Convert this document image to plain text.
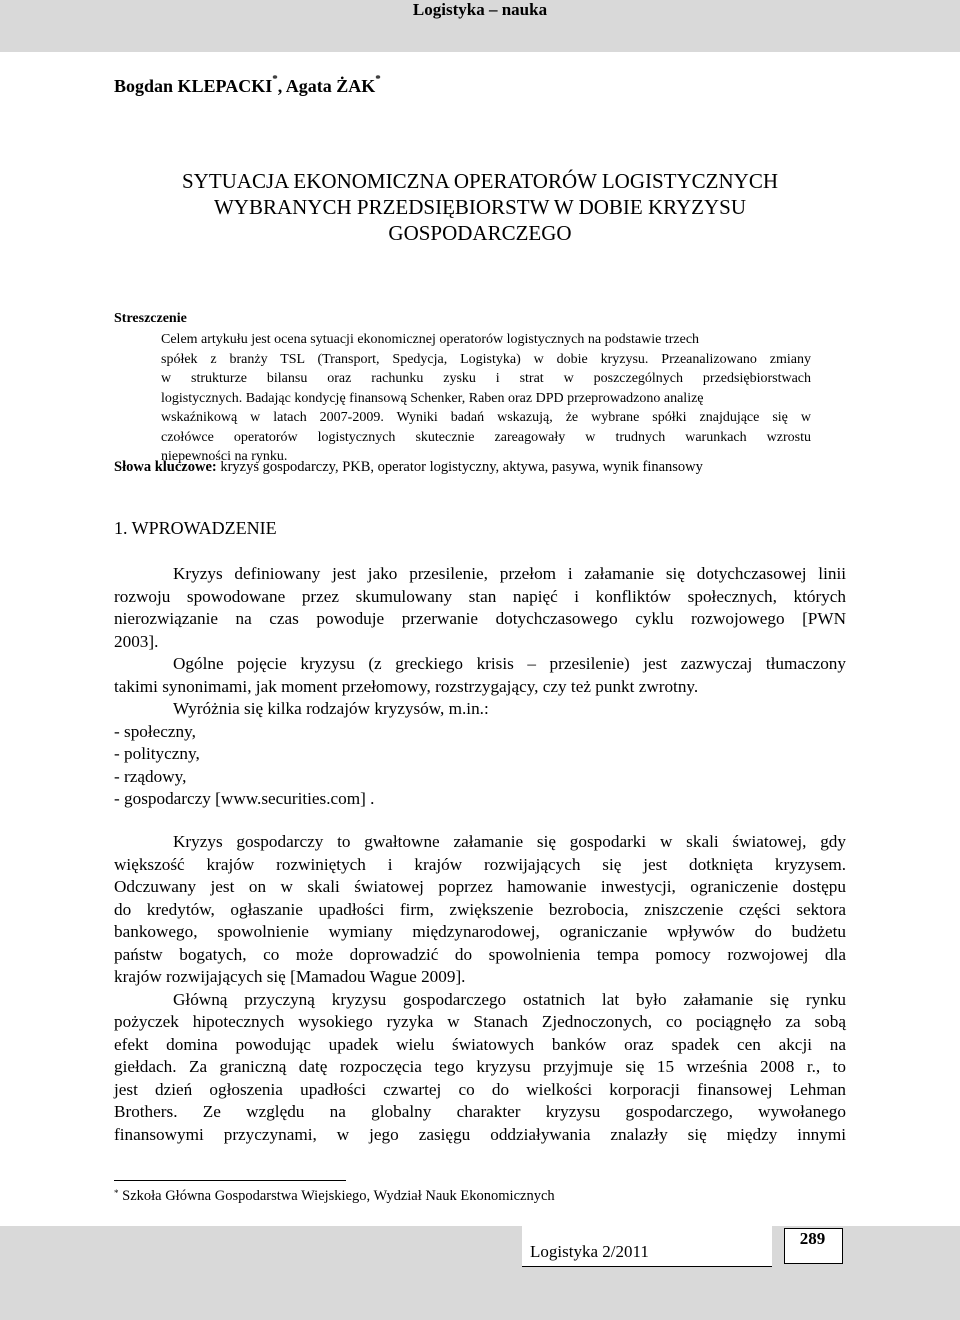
Logistyka – nauka
Bogdan KLEPACKI*, Agata ŻAK*
SYTUACJA EKONOMICZNA OPERATORÓW LOGISTYCZNYCH
WYBRANYCH PRZEDSIĘBIORSTW W DOBIE KRYZYSU
GOSPODARCZEGO
Streszczenie
Celem artykułu jest ocena sytuacji ekonomicznej operatorów logistycznych na podstawie trzech
spółek z branży TSL (Transport, Spedycja, Logistyka) w dobie kryzysu. Przeanalizowano zmiany
w strukturze bilansu oraz rachunku zysku i strat w poszczególnych przedsiębiorstwach
logistycznych. Badając kondycję finansową Schenker, Raben oraz DPD przeprowadzono analizę
wskaźnikową w latach 2007-2009. Wyniki badań wskazują, że wybrane spółki znajdujące się w
czołówce operatorów logistycznych skutecznie zareagowały w trudnych warunkach wzrostu
niepewności na rynku.
Słowa kluczowe: kryzys gospodarczy, PKB, operator logistyczny, aktywa, pasywa, wynik finansowy
1. WPROWADZENIE
Kryzys definiowany jest jako przesilenie, przełom i załamanie się dotychczasowej linii
rozwoju spowodowane przez skumulowany stan napięć i konfliktów społecznych, których
nierozwiązanie na czas powoduje przerwanie dotychczasowego cyklu rozwojowego [PWN
2003].
Ogólne pojęcie kryzysu (z greckiego krisis – przesilenie) jest zazwyczaj tłumaczony
takimi synonimami, jak moment przełomowy, rozstrzygający, czy też punkt zwrotny.
Wyróżnia się kilka rodzajów kryzysów, m.in.:
- społeczny,
- polityczny,
- rządowy,
- gospodarczy [www.securities.com] .
Kryzys gospodarczy to gwałtowne załamanie się gospodarki w skali światowej, gdy
większość krajów rozwiniętych i krajów rozwijających się jest dotknięta kryzysem.
Odczuwany jest on w skali światowej poprzez hamowanie inwestycji, ograniczenie dostępu
do kredytów, ogłaszanie upadłości firm, zwiększenie bezrobocia, zniszczenie części sektora
bankowego, spowolnienie wymiany międzynarodowej, ograniczanie wpływów do budżetu
państw bogatych, co może doprowadzić do spowolnienia tempa pomocy rozwojowej dla
krajów rozwijających się [Mamadou Wague 2009].
Główną przyczyną kryzysu gospodarczego ostatnich lat było załamanie się rynku
pożyczek hipotecznych wysokiego ryzyka w Stanach Zjednoczonych, co pociągnęło za sobą
efekt domina powodując upadek wielu światowych banków oraz spadek cen akcji na
giełdach. Za graniczną datę rozpoczęcia tego kryzysu przyjmuje się 15 września 2008 r., to
jest dzień ogłoszenia upadłości czwartej co do wielkości korporacji finansowej Lehman
Brothers. Ze względu na globalny charakter kryzysu gospodarczego, wywołanego
finansowymi przyczynami, w jego zasięgu oddziaływania znalazły się między innymi
* Szkoła Główna Gospodarstwa Wiejskiego, Wydział Nauk Ekonomicznych
Logistyka 2/2011
289
